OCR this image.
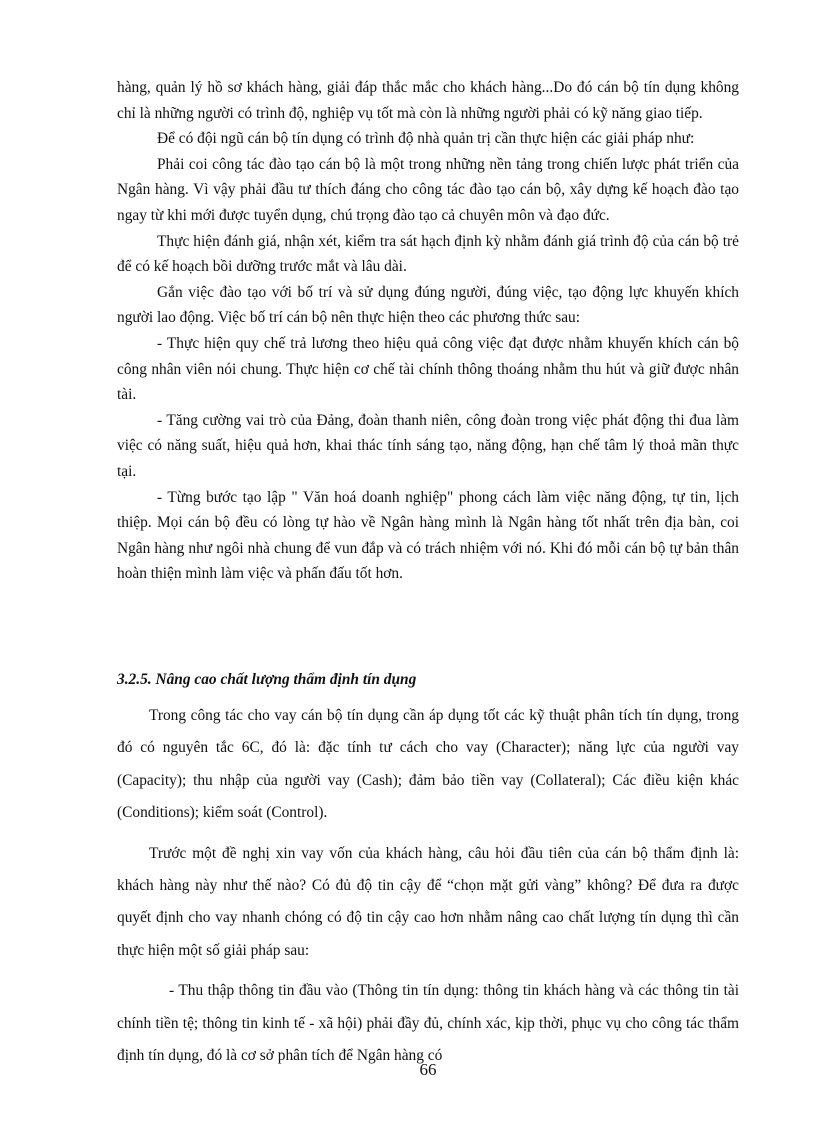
hàng, quản lý hồ sơ khách hàng, giải đáp thắc mắc cho khách hàng...Do đó cán bộ tín dụng không chỉ là những người có trình độ, nghiệp vụ tốt mà còn là những người phải có kỹ năng giao tiếp.

Để có đội ngũ cán bộ tín dụng có trình độ nhà quản trị cần thực hiện các giải pháp như:

Phải coi công tác đào tạo cán bộ là một trong những nền tảng trong chiến lược phát triển của Ngân hàng. Vì vậy phải đầu tư thích đáng cho công tác đào tạo cán bộ, xây dựng kế hoạch đào tạo ngay từ khi mới được tuyển dụng, chú trọng đào tạo cả chuyên môn và đạo đức.

Thực hiện đánh giá, nhận xét, kiểm tra sát hạch định kỳ nhằm đánh giá trình độ của cán bộ trẻ để có kế hoạch bồi dưỡng trước mắt và lâu dài.

Gắn việc đào tạo với bố trí và sử dụng đúng người, đúng việc, tạo động lực khuyến khích người lao động. Việc bố trí cán bộ nên thực hiện theo các phương thức sau:

- Thực hiện quy chế trả lương theo hiệu quả công việc đạt được nhằm khuyến khích cán bộ công nhân viên nói chung. Thực hiện cơ chế tài chính thông thoáng nhằm thu hút và giữ được nhân tài.

- Tăng cường vai trò của Đảng, đoàn thanh niên, công đoàn trong việc phát động thi đua làm việc có năng suất, hiệu quả hơn, khai thác tính sáng tạo, năng động, hạn chế tâm lý thoả mãn thực tại.

- Từng bước tạo lập " Văn hoá doanh nghiệp" phong cách làm việc năng động, tự tin, lịch thiệp. Mọi cán bộ đều có lòng tự hào về Ngân hàng mình là Ngân hàng tốt nhất trên địa bàn, coi Ngân hàng như ngôi nhà chung để vun đắp và có trách nhiệm với nó. Khi đó mỗi cán bộ tự bản thân hoàn thiện mình làm việc và phấn đấu tốt hơn.

3.2.5. Nâng cao chất lượng thẩm định tín dụng

Trong công tác cho vay cán bộ tín dụng cần áp dụng tốt các kỹ thuật phân tích tín dụng, trong đó có nguyên tắc 6C, đó là: đặc tính tư cách cho vay (Character); năng lực của người vay (Capacity); thu nhập của người vay (Cash); đảm bảo tiền vay (Collateral); Các điều kiện khác (Conditions); kiểm soát (Control).

Trước một đề nghị xin vay vốn của khách hàng, câu hỏi đầu tiên của cán bộ thẩm định là: khách hàng này như thế nào? Có đủ độ tin cậy để “chọn mặt gửi vàng” không? Để đưa ra được quyết định cho vay nhanh chóng có độ tin cậy cao hơn nhằm nâng cao chất lượng tín dụng thì cần thực hiện một số giải pháp sau:

- Thu thập thông tin đầu vào (Thông tin tín dụng: thông tin khách hàng và các thông tin tài chính tiền tệ; thông tin kinh tế - xã hội) phải đầy đủ, chính xác, kịp thời, phục vụ cho công tác thẩm định tín dụng, đó là cơ sở phân tích để Ngân hàng có

66
